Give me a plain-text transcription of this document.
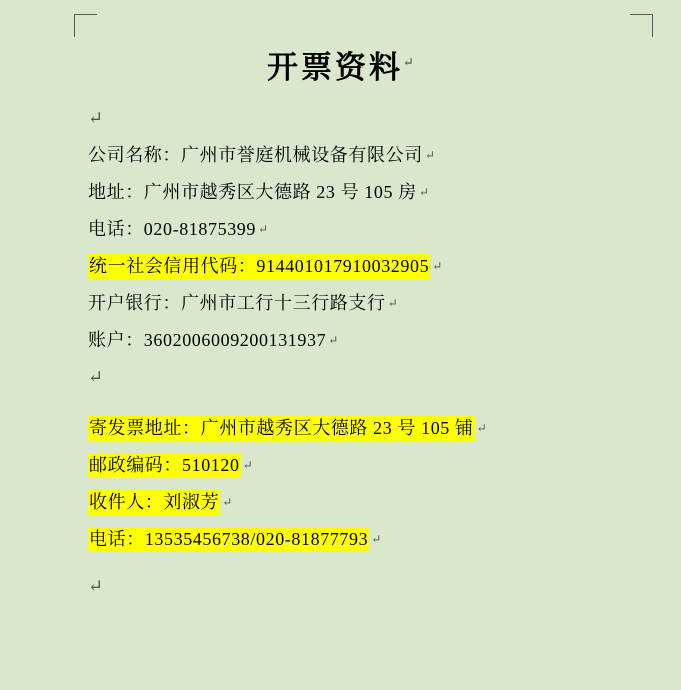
开票资料↵
↵
公司名称：广州市誉庭机械设备有限公司 ↵
地址：广州市越秀区大德路 23 号 105 房 ↵
电话：020-81875399 ↵
统一社会信用代码：914401017910032905 ↵
开户银行：广州市工行十三行路支行 ↵
账户：3602006009200131937 ↵
↵
寄发票地址：广州市越秀区大德路 23 号 105 铺 ↵
邮政编码：510120 ↵
收件人：刘淑芳 ↵
电话：13535456738/020-81877793 ↵
↵
